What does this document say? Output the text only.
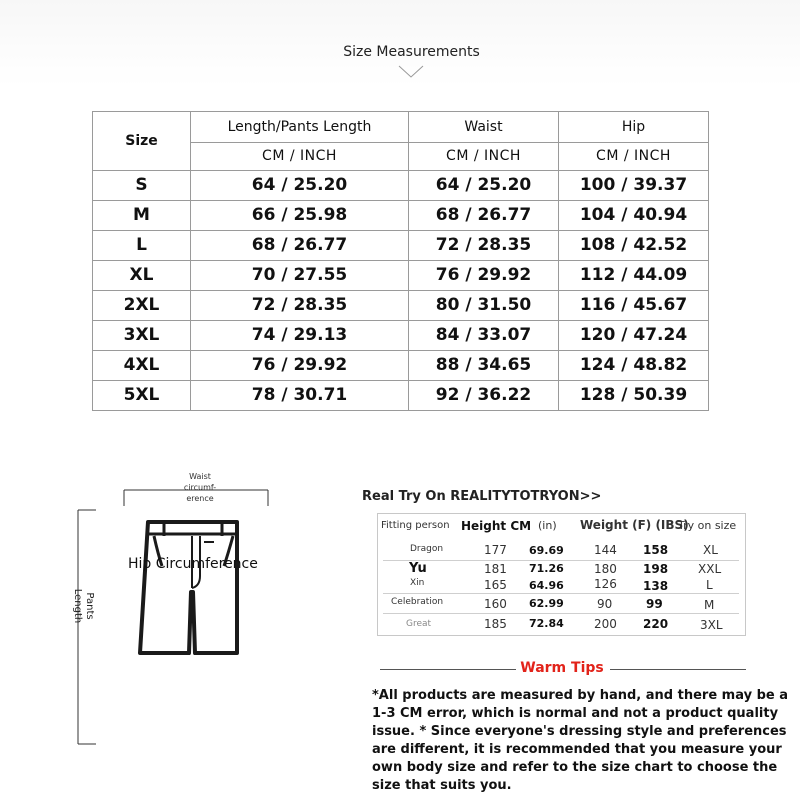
Size Measurements
Size	Length/Pants Length	Waist	Hip
	CM / INCH	CM / INCH	CM / INCH
S	64 / 25.20	64 / 25.20	100 / 39.37
M	66 / 25.98	68 / 26.77	104 / 40.94
L	68 / 26.77	72 / 28.35	108 / 42.52
XL	70 / 27.55	76 / 29.92	112 / 44.09
2XL	72 / 28.35	80 / 31.50	116 / 45.67
3XL	74 / 29.13	84 / 33.07	120 / 47.24
4XL	76 / 29.92	88 / 34.65	124 / 48.82
5XL	78 / 30.71	92 / 36.22	128 / 50.39
Waist circumf- erence
Hip Circumference
Pants Length
Real Try On REALITYTOTRYON>>
Fitting person Height CM (in) Weight (F) (IBS)
Try on size
Dragon	177 69.69	144 158	XL
Yu	181 71.26	180 198 XXL
Xin	165 64.96	126 138	L
Celebration	160 62.99	90	99	M
Great	185 72.84	200 220	3XL
Warm Tips
*All products are measured by hand, and there may be a 1-3 CM error, which is normal and not a product quality issue. * Since everyone's dressing style and preferences are different, it is recommended that you measure your own body size and refer to the size chart to choose the size that suits you.
